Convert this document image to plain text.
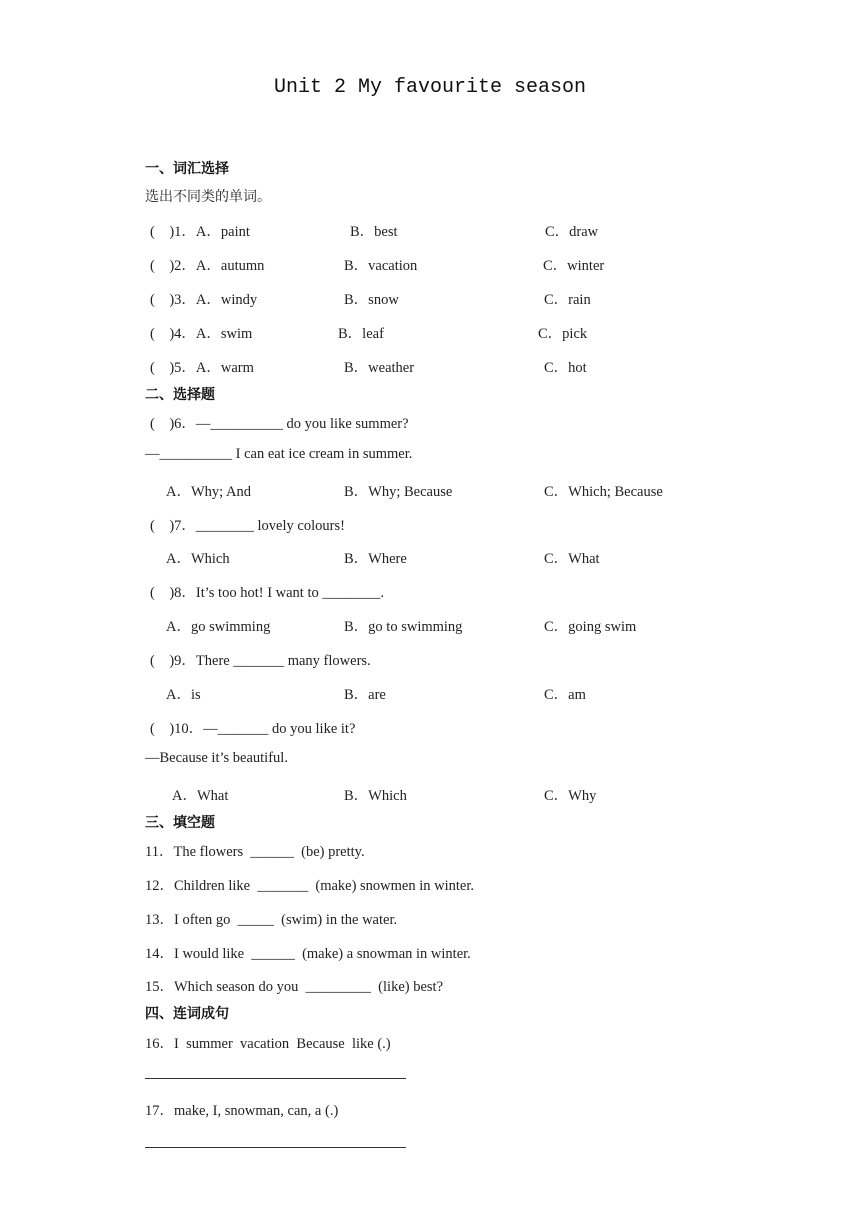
Unit 2 My favourite season
一、词汇选择
选出不同类的单词。
(    )1．A．paint	B．best	C．draw
(    )2．A．autumn	B．vacation	C．winter
(    )3．A．windy	B．snow	C．rain
(    )4．A．swim	B．leaf	C．pick
(    )5．A．warm	B．weather	C．hot
二、选择题
(    )6．—__________ do you like summer?
—__________ I can eat ice cream in summer.
A．Why; And	B．Why; Because	C．Which; Because
(    )7．________ lovely colours!
A．Which	B．Where	C．What
(    )8．It’s too hot! I want to ________.
A．go swimming	B．go to swimming	C．going swim
(    )9．There _______ many flowers.
A．is	B．are	C．am
(    )10．—_______ do you like it?
—Because it’s beautiful.
A．What	B．Which	C．Why
三、填空题
11．The flowers  ______  (be) pretty.
12．Children like  _______  (make) snowmen in winter.
13．I often go  _____  (swim) in the water.
14．I would like  ______  (make) a snowman in winter.
15．Which season do you  _________  (like) best?
四、连词成句
16．I  summer  vacation  Because  like (.)
17．make, I, snowman, can, a (.)
